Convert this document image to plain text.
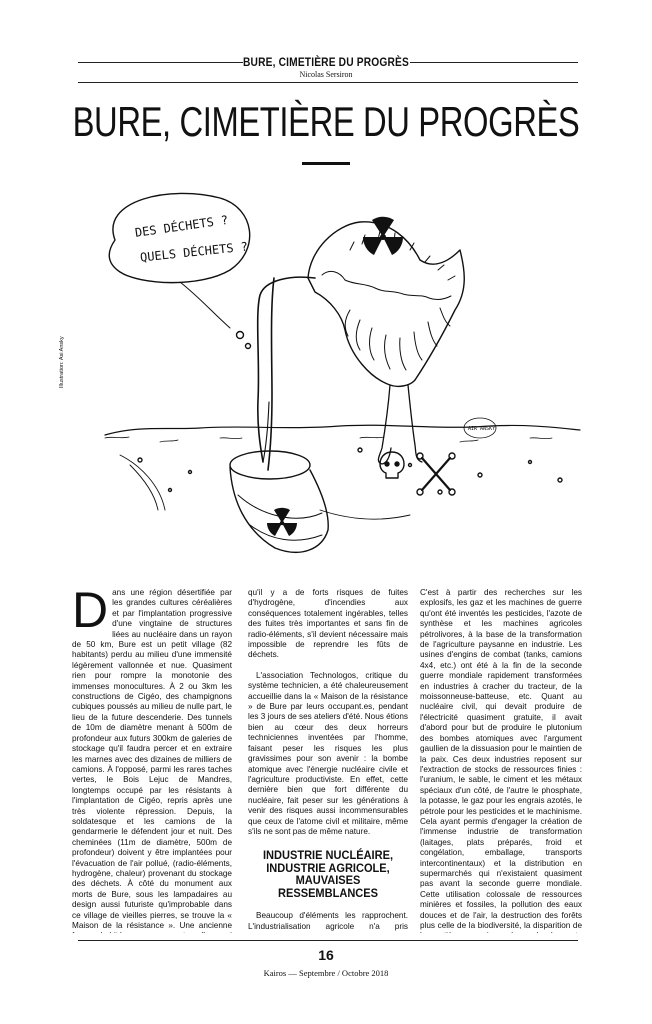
BURE, CIMETIÈRE DU PROGRÈS
Nicolas Sersiron
BURE, CIMETIÈRE DU PROGRÈS
Illustration: Asi Ansky
DES DÉCHETS ?
QUELS DÉCHETS ?
AIR ANSKY

Dans une région désertifiée par les grandes cultures céréalières et par l'implantation progressive d'une vingtaine de structures liées au nucléaire dans un rayon de 50 km, Bure est un petit village (82 habitants) perdu au milieu d'une immensité légèrement vallonnée et nue. Quasiment rien pour rompre la monotonie des immenses monocultures. À 2 ou 3km les constructions de Cigéo, des champignons cubiques poussés au milieu de nulle part, le lieu de la future descenderie. Des tunnels de 10m de diamètre menant à 500m de profondeur aux futurs 300km de galeries de stockage qu'il faudra percer et en extraire les marnes avec des dizaines de milliers de camions. À l'opposé, parmi les rares taches vertes, le Bois Lejuc de Mandres, longtemps occupé par les résistants à l'implantation de Cigéo, repris après une très violente répression. Depuis, la soldatesque et les camions de la gendarmerie le défendent jour et nuit. Des cheminées (11m de diamètre, 500m de profondeur) doivent y être implantées pour l'évacuation de l'air pollué, (radio-éléments, hydrogène, chaleur) provenant du stockage des déchets. À côté du monument aux morts de Bure, sous les lampadaires au design aussi futuriste qu'improbable dans ce village de vieilles pierres, se trouve la « Maison de la résistance ». Une ancienne

qu'il y a de forts risques de fuites d'hydrogène, d'incendies aux conséquences totalement ingérables, telles des fuites très importantes et sans fin de radio-éléments, s'il devient nécessaire mais impossible de reprendre les fûts de déchets.

L'association Technologos, critique du système technicien, a été chaleureusement accueillie dans la « Maison de la résistance » de Bure par leurs occupant.es, pendant les 3 jours de ses ateliers d'été. Nous étions bien au cœur des deux horreurs techniciennes inventées par l'homme, faisant peser les risques les plus gravissimes pour son avenir : la bombe atomique avec l'énergie nucléaire civile et l'agriculture productiviste. En effet, cette dernière bien que fort différente du nucléaire, fait peser sur les générations à venir des risques aussi incommensurables que ceux de l'atome civil et militaire, même s'ils ne sont pas de même nature.

INDUSTRIE NUCLÉAIRE, INDUSTRIE AGRICOLE, MAUVAISES RESSEMBLANCES

Beaucoup d'éléments les rapprochent. L'industrialisation agricole n'a pris

C'est à partir des recherches sur les explosifs, les gaz et les machines de guerre qu'ont été inventés les pesticides, l'azote de synthèse et les machines agricoles pétrolivores, à la base de la transformation de l'agriculture paysanne en industrie. Les usines d'engins de combat (tanks, camions 4x4, etc.) ont été à la fin de la seconde guerre mondiale rapidement transformées en industries à cracher du tracteur, de la moissonneuse-batteuse, etc. Quant au nucléaire civil, qui devait produire de l'électricité quasiment gratuite, il avait d'abord pour but de produire le plutonium des bombes atomiques avec l'argument gaullien de la dissuasion pour le maintien de la paix. Ces deux industries reposent sur l'extraction de stocks de ressources finies : l'uranium, le sable, le ciment et les métaux spéciaux d'un côté, de l'autre le phosphate, la potasse, le gaz pour les engrais azotés, le pétrole pour les pesticides et le machinisme. Cela ayant permis d'engager la création de l'immense industrie de transformation (laitages, plats préparés, froid et congélation, emballage, transports intercontinentaux) et la distribution en supermarchés qui n'existaient quasiment pas avant la seconde guerre mondiale. Cette utilisation colossale de ressources minières et fossiles, la pollution des eaux douces et de l'air, la destruction des forêts plus celle de la biodiversité, la disparition de

16
Kairos — Septembre / Octobre 2018
